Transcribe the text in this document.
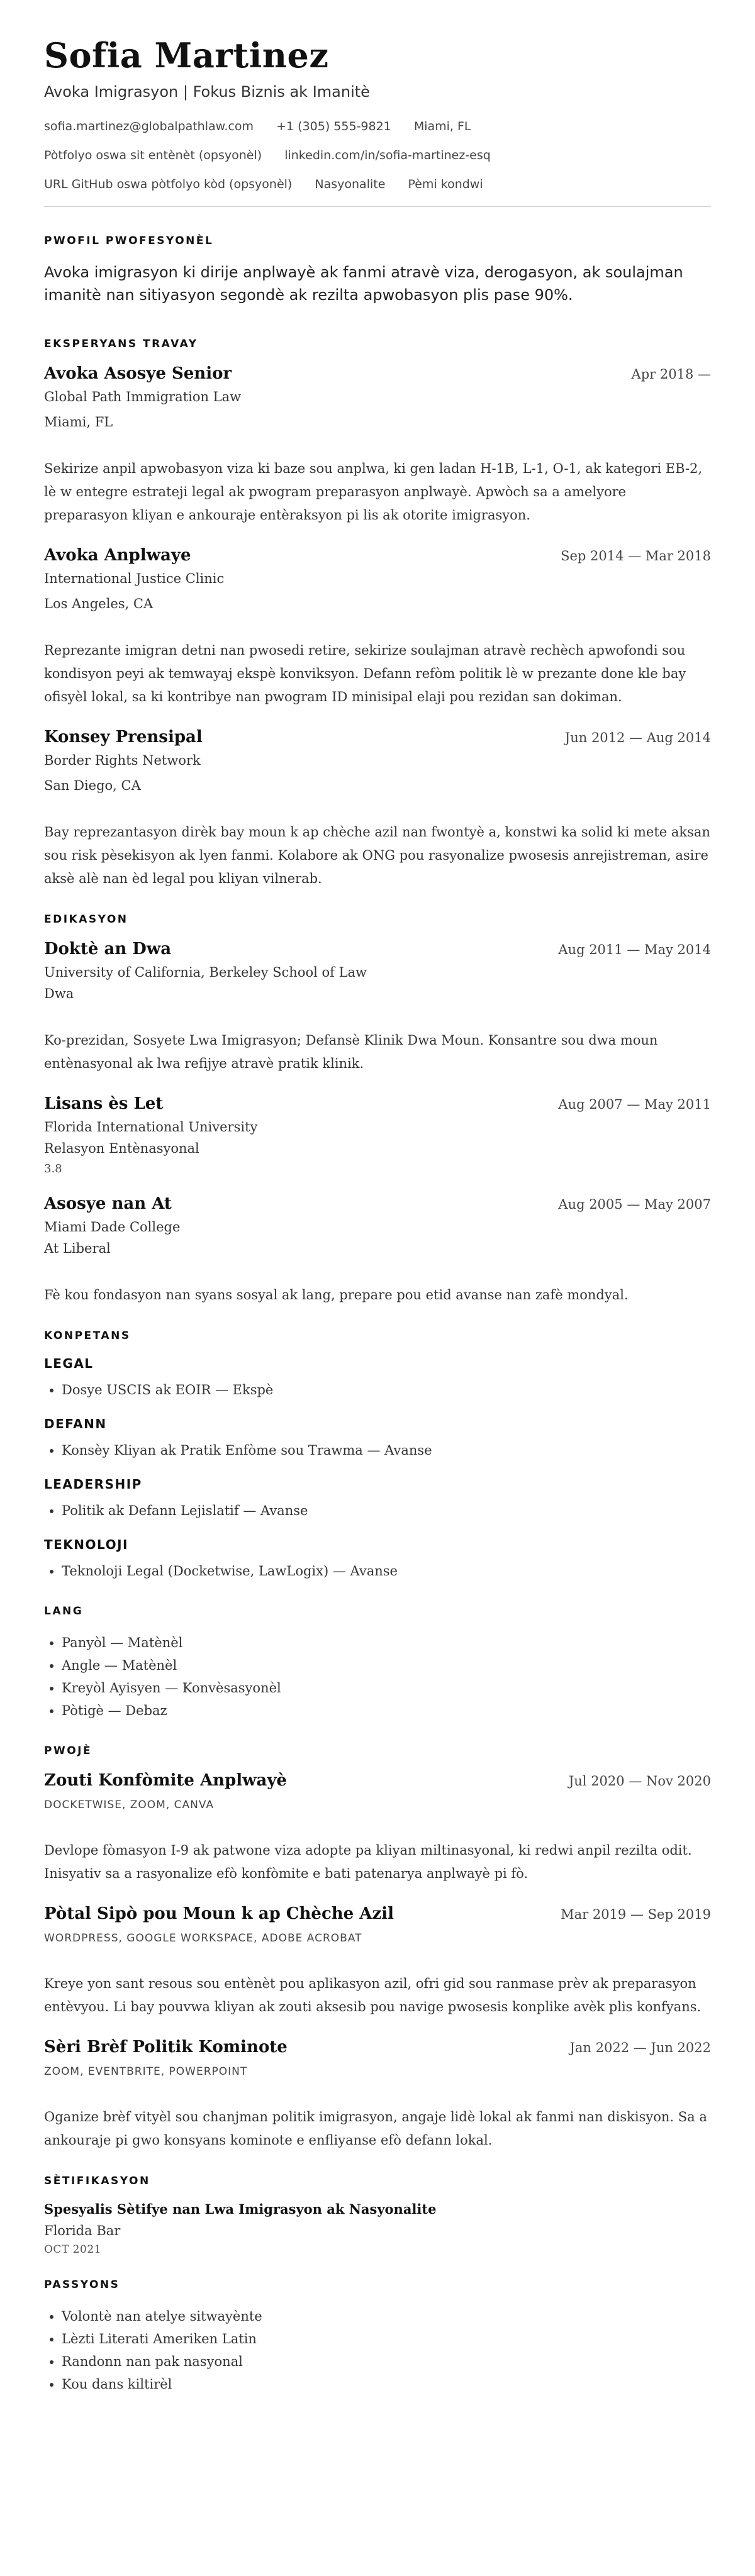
Sofia Martinez
Avoka Imigrasyon | Fokus Biznis ak Imanitè
sofia.martinez@globalpathlaw.com +1 (305) 555-9821 Miami, FL
Pòtfolyo oswa sit entènèt (opsyonèl) linkedin.com/in/sofia-martinez-esq
URL GitHub oswa pòtfolyo kòd (opsyonèl) Nasyonalite Pèmi kondwi
PWOFIL PWOFESYONÈL
Avoka imigrasyon ki dirije anplwayè ak fanmi atravè viza, derogasyon, ak soulajman imanitè nan sitiyasyon segondè ak rezilta apwobasyon plis pase 90%.
EKSPERYANS TRAVAY
Avoka Asosye Senior	Apr 2018 —
Global Path Immigration Law
Miami, FL
Sekirize anpil apwobasyon viza ki baze sou anplwa, ki gen ladan H-1B, L-1, O-1, ak kategori EB-2, lè w entegre estrateji legal ak pwogram preparasyon anplwayè. Apwòch sa a amelyore preparasyon kliyan e ankouraje entèraksyon pi lis ak otorite imigrasyon.
Avoka Anplwaye	Sep 2014 — Mar 2018
International Justice Clinic
Los Angeles, CA
Reprezante imigran detni nan pwosedi retire, sekirize soulajman atravè rechèch apwofondi sou kondisyon peyi ak temwayaj ekspè konviksyon. Defann refòm politik lè w prezante done kle bay ofisyèl lokal, sa ki kontribye nan pwogram ID minisipal elaji pou rezidan san dokiman.
Konsey Prensipal	Jun 2012 — Aug 2014
Border Rights Network
San Diego, CA
Bay reprezantasyon dirèk bay moun k ap chèche azil nan fwontyè a, konstwi ka solid ki mete aksan sou risk pèsekisyon ak lyen fanmi. Kolabore ak ONG pou rasyonalize pwosesis anrejistreman, asire aksè alè nan èd legal pou kliyan vilnerab.
EDIKASYON
Doktè an Dwa	Aug 2011 — May 2014
University of California, Berkeley School of Law
Dwa
Ko-prezidan, Sosyete Lwa Imigrasyon; Defansè Klinik Dwa Moun. Konsantre sou dwa moun entènasyonal ak lwa refijye atravè pratik klinik.
Lisans ès Let	Aug 2007 — May 2011
Florida International University
Relasyon Entènasyonal
3.8
Asosye nan At	Aug 2005 — May 2007
Miami Dade College
At Liberal
Fè kou fondasyon nan syans sosyal ak lang, prepare pou etid avanse nan zafè mondyal.
KONPETANS
LEGAL
• Dosye USCIS ak EOIR — Ekspè
DEFANN
• Konsèy Kliyan ak Pratik Enfòme sou Trawma — Avanse
LEADERSHIP
• Politik ak Defann Lejislatif — Avanse
TEKNOLOJI
• Teknoloji Legal (Docketwise, LawLogix) — Avanse
LANG
• Panyòl — Matènèl
• Angle — Matènèl
• Kreyòl Ayisyen — Konvèsasyonèl
• Pòtigè — Debaz
PWOJÈ
Zouti Konfòmite Anplwayè	Jul 2020 — Nov 2020
DOCKETWISE, ZOOM, CANVA
Devlope fòmasyon I-9 ak patwone viza adopte pa kliyan miltinasyonal, ki redwi anpil rezilta odit. Inisyativ sa a rasyonalize efò konfòmite e bati patenarya anplwayè pi fò.
Pòtal Sipò pou Moun k ap Chèche Azil	Mar 2019 — Sep 2019
WORDPRESS, GOOGLE WORKSPACE, ADOBE ACROBAT
Kreye yon sant resous sou entènèt pou aplikasyon azil, ofri gid sou ranmase prèv ak preparasyon entèvyou. Li bay pouvwa kliyan ak zouti aksesib pou navige pwosesis konplike avèk plis konfyans.
Sèri Brèf Politik Kominote	Jan 2022 — Jun 2022
ZOOM, EVENTBRITE, POWERPOINT
Oganize brèf vityèl sou chanjman politik imigrasyon, angaje lidè lokal ak fanmi nan diskisyon. Sa a ankouraje pi gwo konsyans kominote e enfliyanse efò defann lokal.
SÈTIFIKASYON
Spesyalis Sètifye nan Lwa Imigrasyon ak Nasyonalite
Florida Bar
OCT 2021
PASSYONS
• Volontè nan atelye sitwayènte
• Lèzti Literati Ameriken Latin
• Randonn nan pak nasyonal
• Kou dans kiltirèl
